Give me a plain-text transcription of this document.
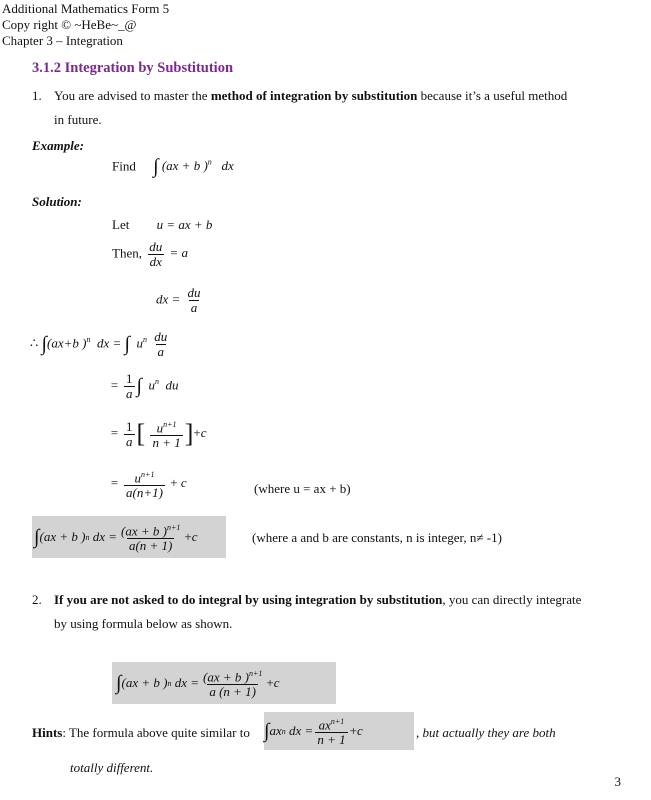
Additional Mathematics Form 5
Copy right © ~HeBe~_@
Chapter 3 – Integration
3.1.2 Integration by Substitution
1. You are advised to master the method of integration by substitution because it’s a useful method
in future.
Example:
Find ∫ (ax + b )$^n$   dx
Solution:
Let u = ax + b
Then, $\frac{du}{dx} = a$
dx = $\frac{du}{a}$
∴ ∫(ax+b )$^n$  dx = ∫  $u^n \frac{du}{a}$
= $\frac{1}{a}$ ∫  $u^n$  du
= $\frac{1}{a}$ [ $\frac{u^{n+1}}{n + 1} ]+c$
= $\frac{u^{n+1}}{a(n+1)} + c$	(where u = ax + b)
∫ (ax + b ) n dx = $\frac{(ax + b )^{n+1}}{a(n + 1)} + c$	(where a and b are constants, n is integer, n≠ -1)
2. If you are not asked to do integral by using integration by substitution, you can directly integrate
by using formula below as shown.
∫ (ax + b ) n dx = $\frac{(ax + b )^{n+1}}{a (n + 1)} + c$
Hints: The formula above quite similar to ∫ ax n dx = $\frac{ax^{n+1}}{n + 1} + c$	, but actually they are both
totally different.
3
